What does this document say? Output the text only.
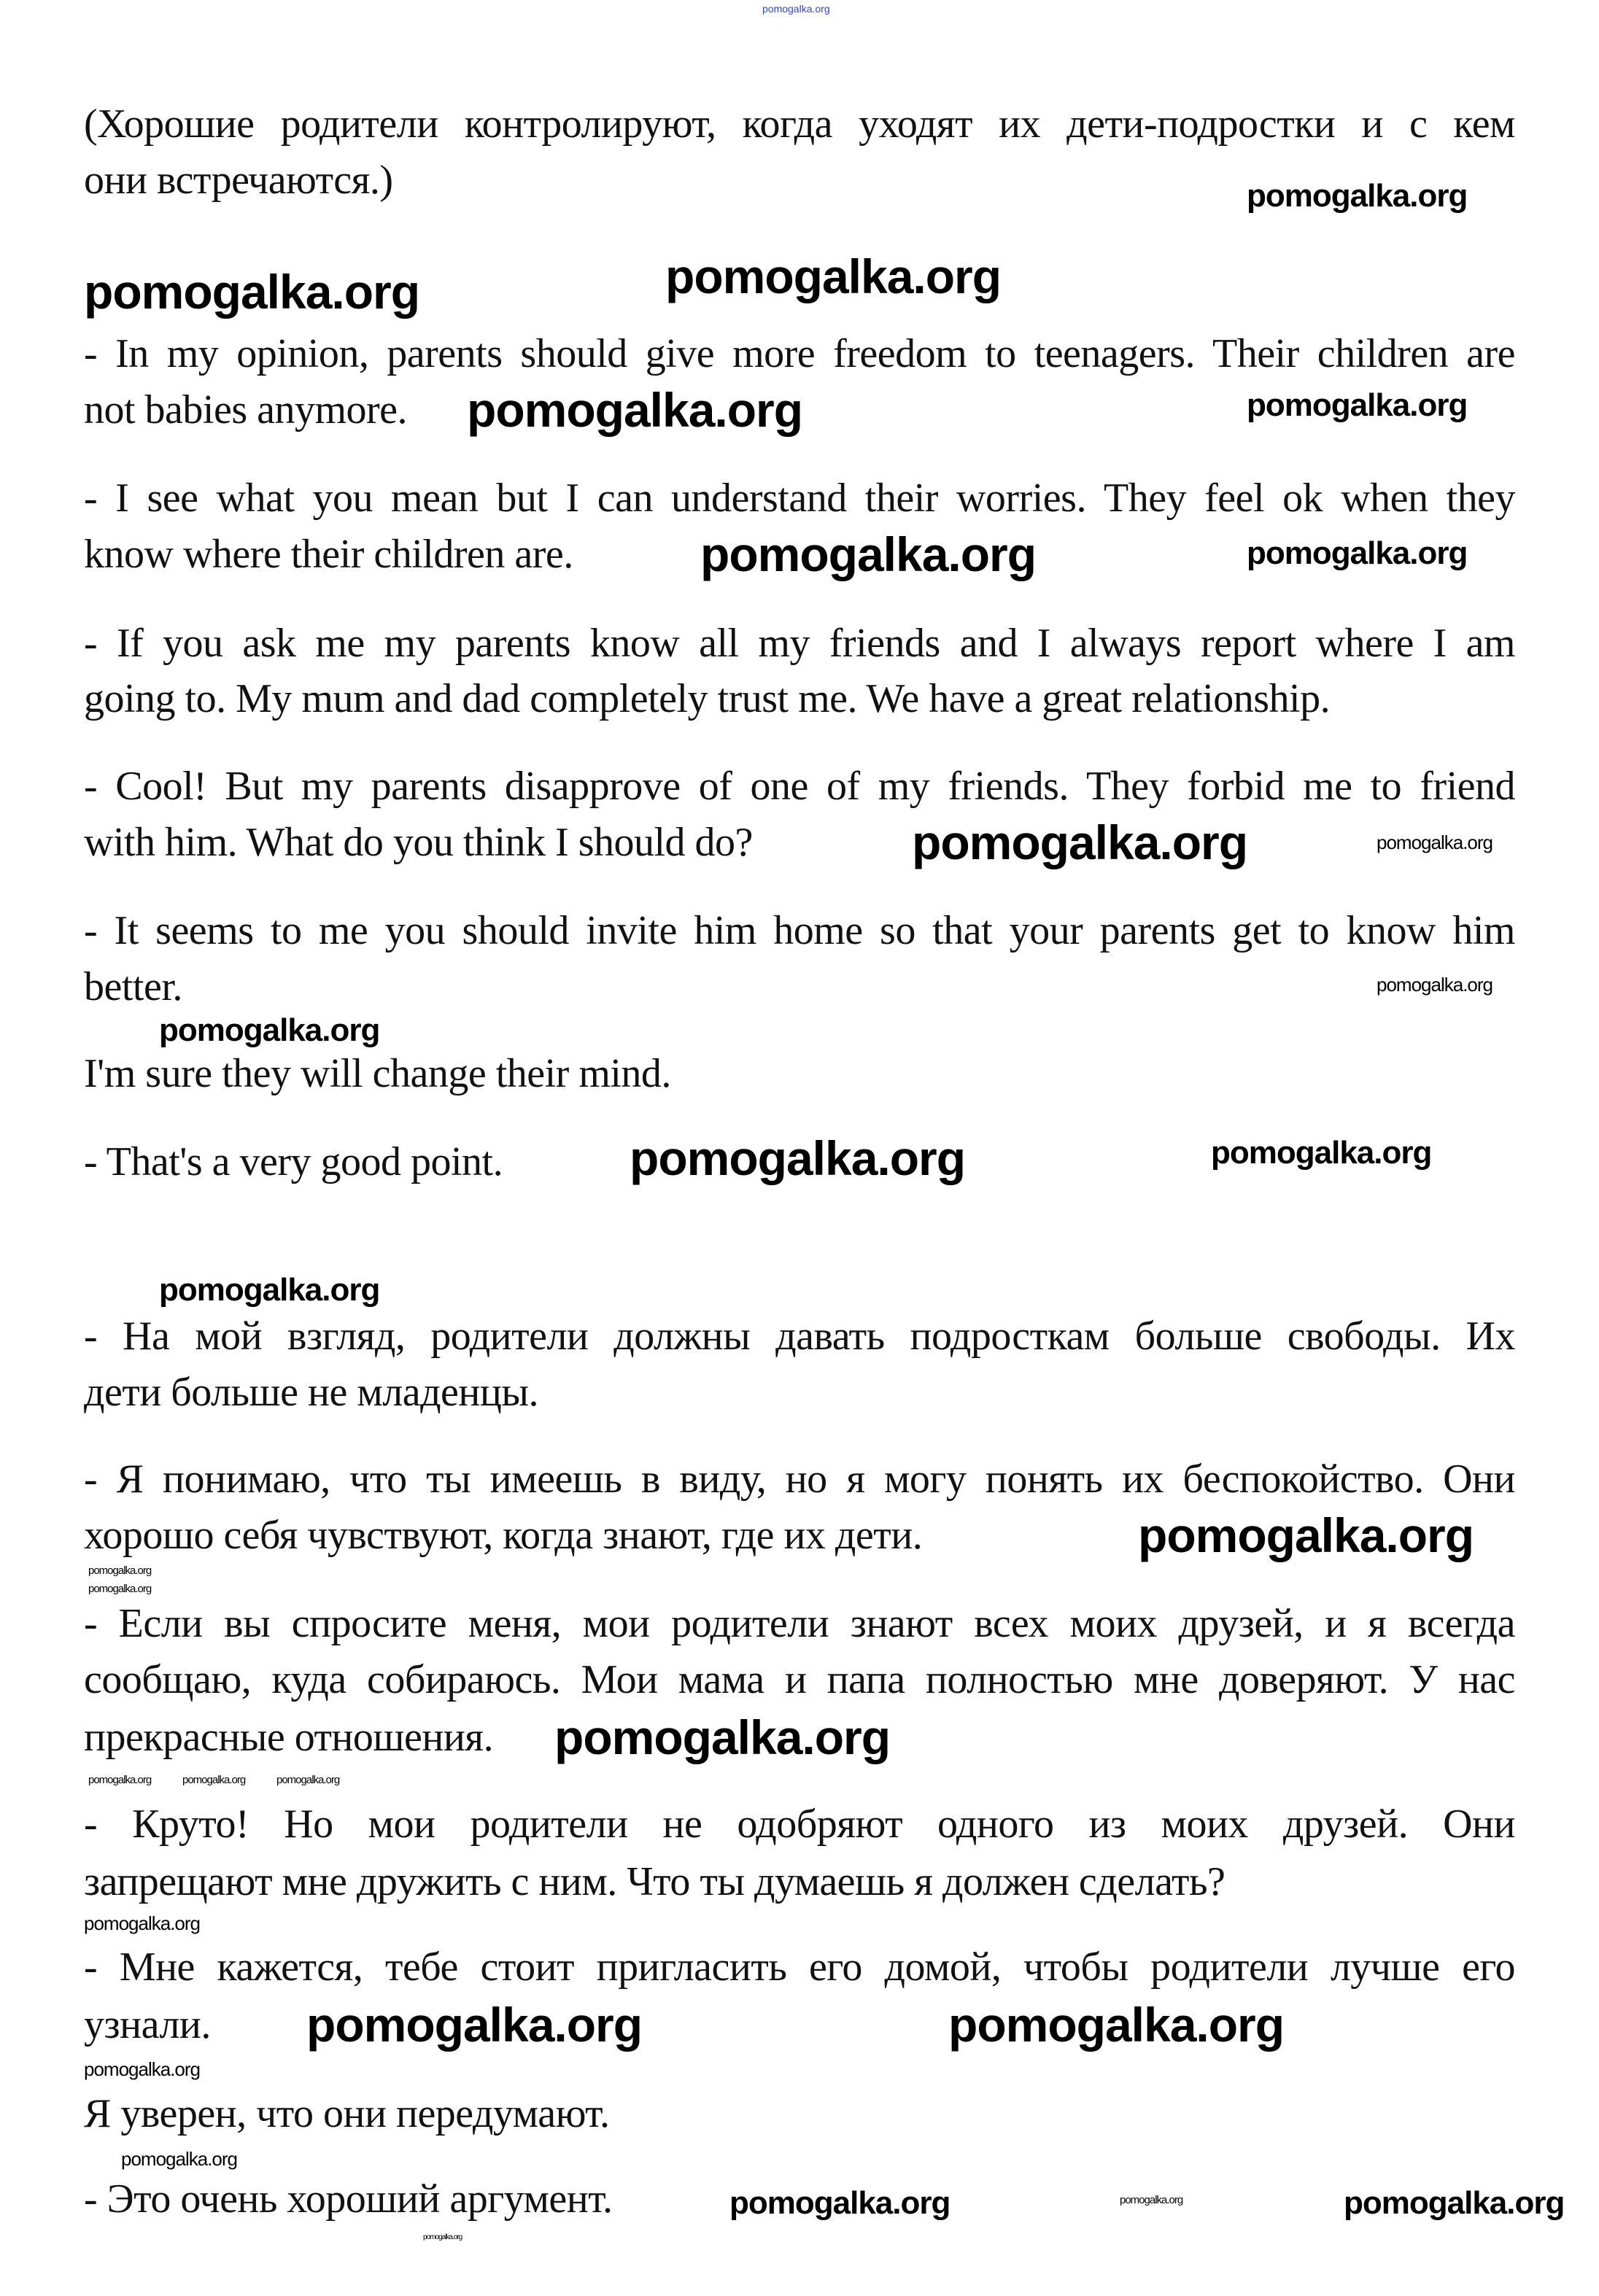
pomogalka.org
(Хорошие родители контролируют, когда уходят их дети-подростки и с кем
они встречаются.)
- In my opinion, parents should give more freedom to teenagers. Their children are
not babies anymore.
- I see what you mean but I can understand their worries. They feel ok when they
know where their children are.
- If you ask me my parents know all my friends and I always report where I am
going to. My mum and dad completely trust me. We have a great relationship.
- Cool! But my parents disapprove of one of my friends. They forbid me to friend
with him. What do you think I should do?
- It seems to me you should invite him home so that your parents get to know him
better.
I'm sure they will change their mind.
- That's a very good point.
- На мой взгляд, родители должны давать подросткам больше свободы. Их
дети больше не младенцы.
- Я понимаю, что ты имеешь в виду, но я могу понять их беспокойство. Они
хорошо себя чувствуют, когда знают, где их дети.
- Если вы спросите меня, мои родители знают всех моих друзей, и я всегда
сообщаю, куда собираюсь. Мои мама и папа полностью мне доверяют. У нас
прекрасные отношения.
- Круто! Но мои родители не одобряют одного из моих друзей. Они
запрещают мне дружить с ним. Что ты думаешь я должен сделать?
- Мне кажется, тебе стоит пригласить его домой, чтобы родители лучше его
узнали.
Я уверен, что они передумают.
- Это очень хороший аргумент.
pomogalka.org
pomogalka.org
pomogalka.org
pomogalka.org
pomogalka.org
pomogalka.org
pomogalka.org
pomogalka.org
pomogalka.org	pomogalka.org
pomogalka.org
pomogalka.org
pomogalka.org
pomogalka.org
pomogalka.org
pomogalka.org
pomogalka.org	pomogalka.org
pomogalka.org
pomogalka.org
pomogalka.org
pomogalka.org
pomogalka.org
pomogalka.org
pomogalka.org
pomogalka.org	pomogalka.org	pomogalka.org
pomogalka.org
pomogalka.org
